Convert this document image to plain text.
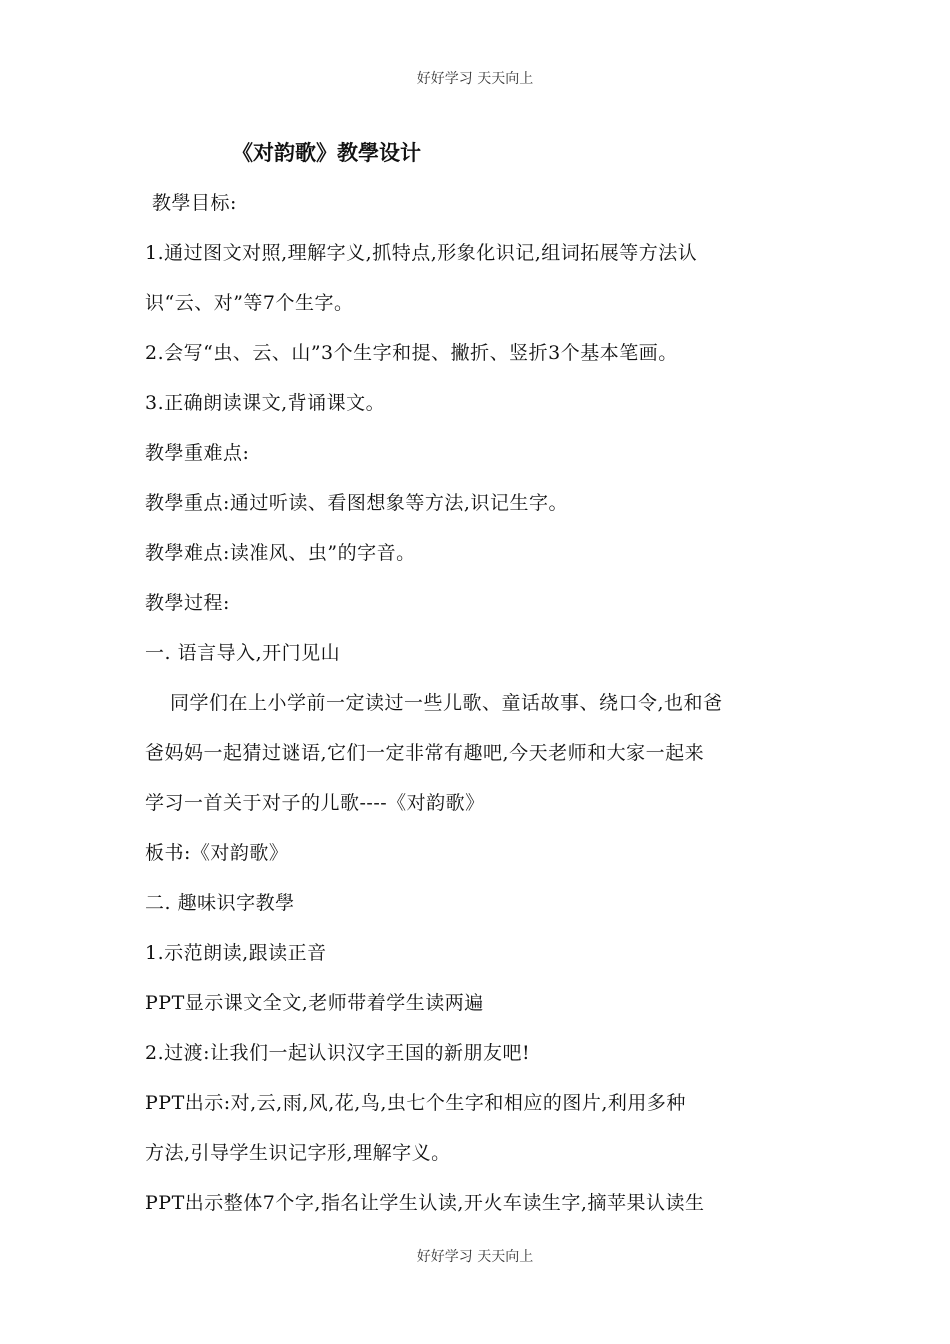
好好学习 天天向上
《对韵歌》教學设计
教學目标:
1.通过图文对照,理解字义,抓特点,形象化识记,组词拓展等方法认
识“云、对”等7个生字。
2.会写“虫、云、山”3个生字和提、撇折、竖折3个基本笔画。
3.正确朗读课文,背诵课文。
教學重难点:
教學重点:通过听读、看图想象等方法,识记生字。
教學难点:读准风、虫”的字音。
教學过程:
一. 语言导入,开门见山
同学们在上小学前一定读过一些儿歌、童话故事、绕口令,也和爸
爸妈妈一起猜过谜语,它们一定非常有趣吧,今天老师和大家一起来
学习一首关于对子的儿歌----《对韵歌》
板书:《对韵歌》
二. 趣味识字教學
1.示范朗读,跟读正音
PPT显示课文全文,老师带着学生读两遍
2.过渡:让我们一起认识汉字王国的新朋友吧!
PPT出示:对,云,雨,风,花,鸟,虫七个生字和相应的图片,利用多种
方法,引导学生识记字形,理解字义。
PPT出示整体7个字,指名让学生认读,开火车读生字,摘苹果认读生
好好学习 天天向上
